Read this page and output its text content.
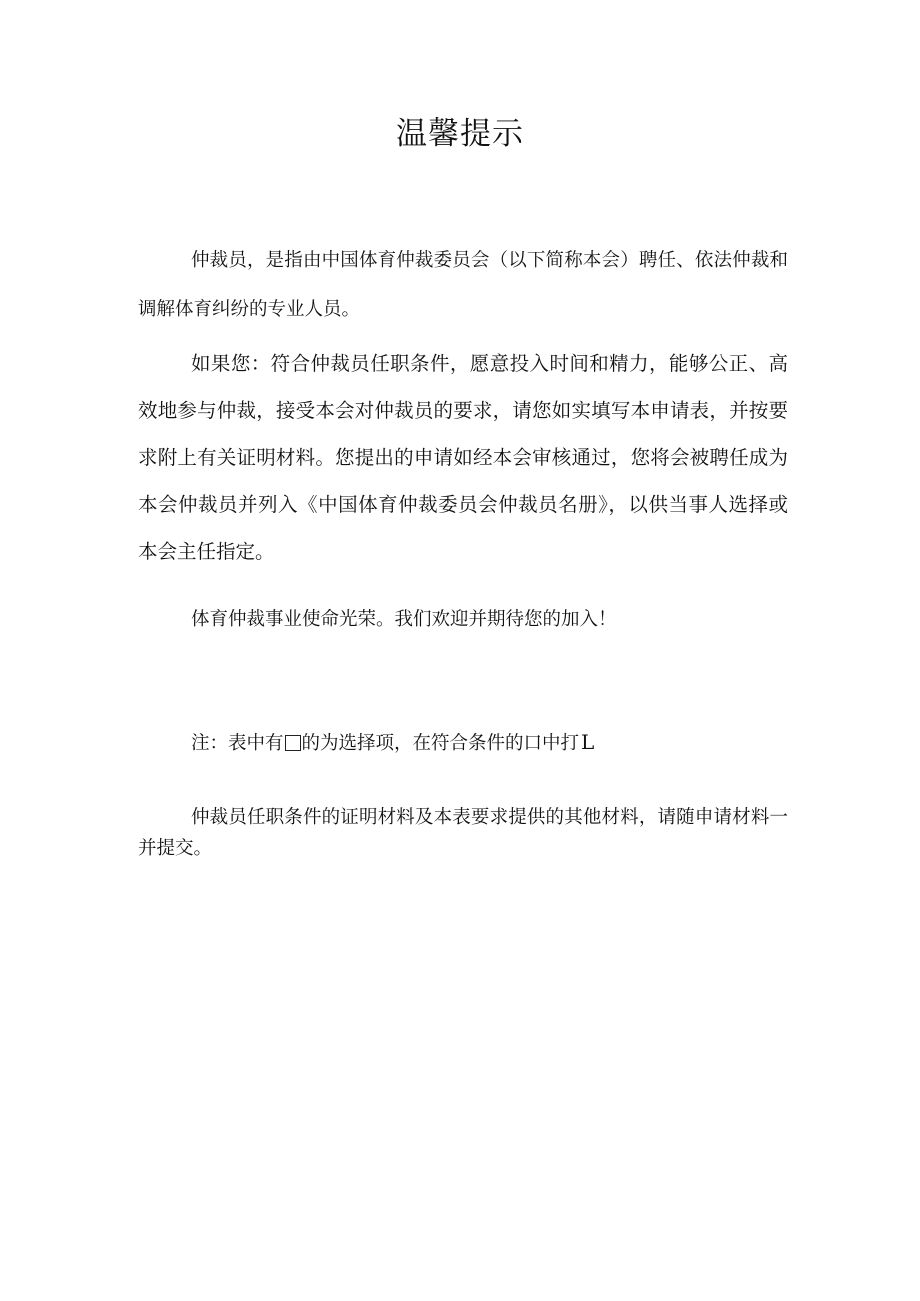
温馨提示

仲裁员，是指由中国体育仲裁委员会（以下简称本会）聘任、依法仲裁和调解体育纠纷的专业人员。

如果您：符合仲裁员任职条件，愿意投入时间和精力，能够公正、高效地参与仲裁，接受本会对仲裁员的要求，请您如实填写本申请表，并按要求附上有关证明材料。您提出的申请如经本会审核通过，您将会被聘任成为本会仲裁员并列入《中国体育仲裁委员会仲裁员名册》，以供当事人选择或本会主任指定。

体育仲裁事业使命光荣。我们欢迎并期待您的加入！

注：表中有 的为选择项，在符合条件的口中打 L

仲裁员任职条件的证明材料及本表要求提供的其他材料，请随申请材料一并提交。
